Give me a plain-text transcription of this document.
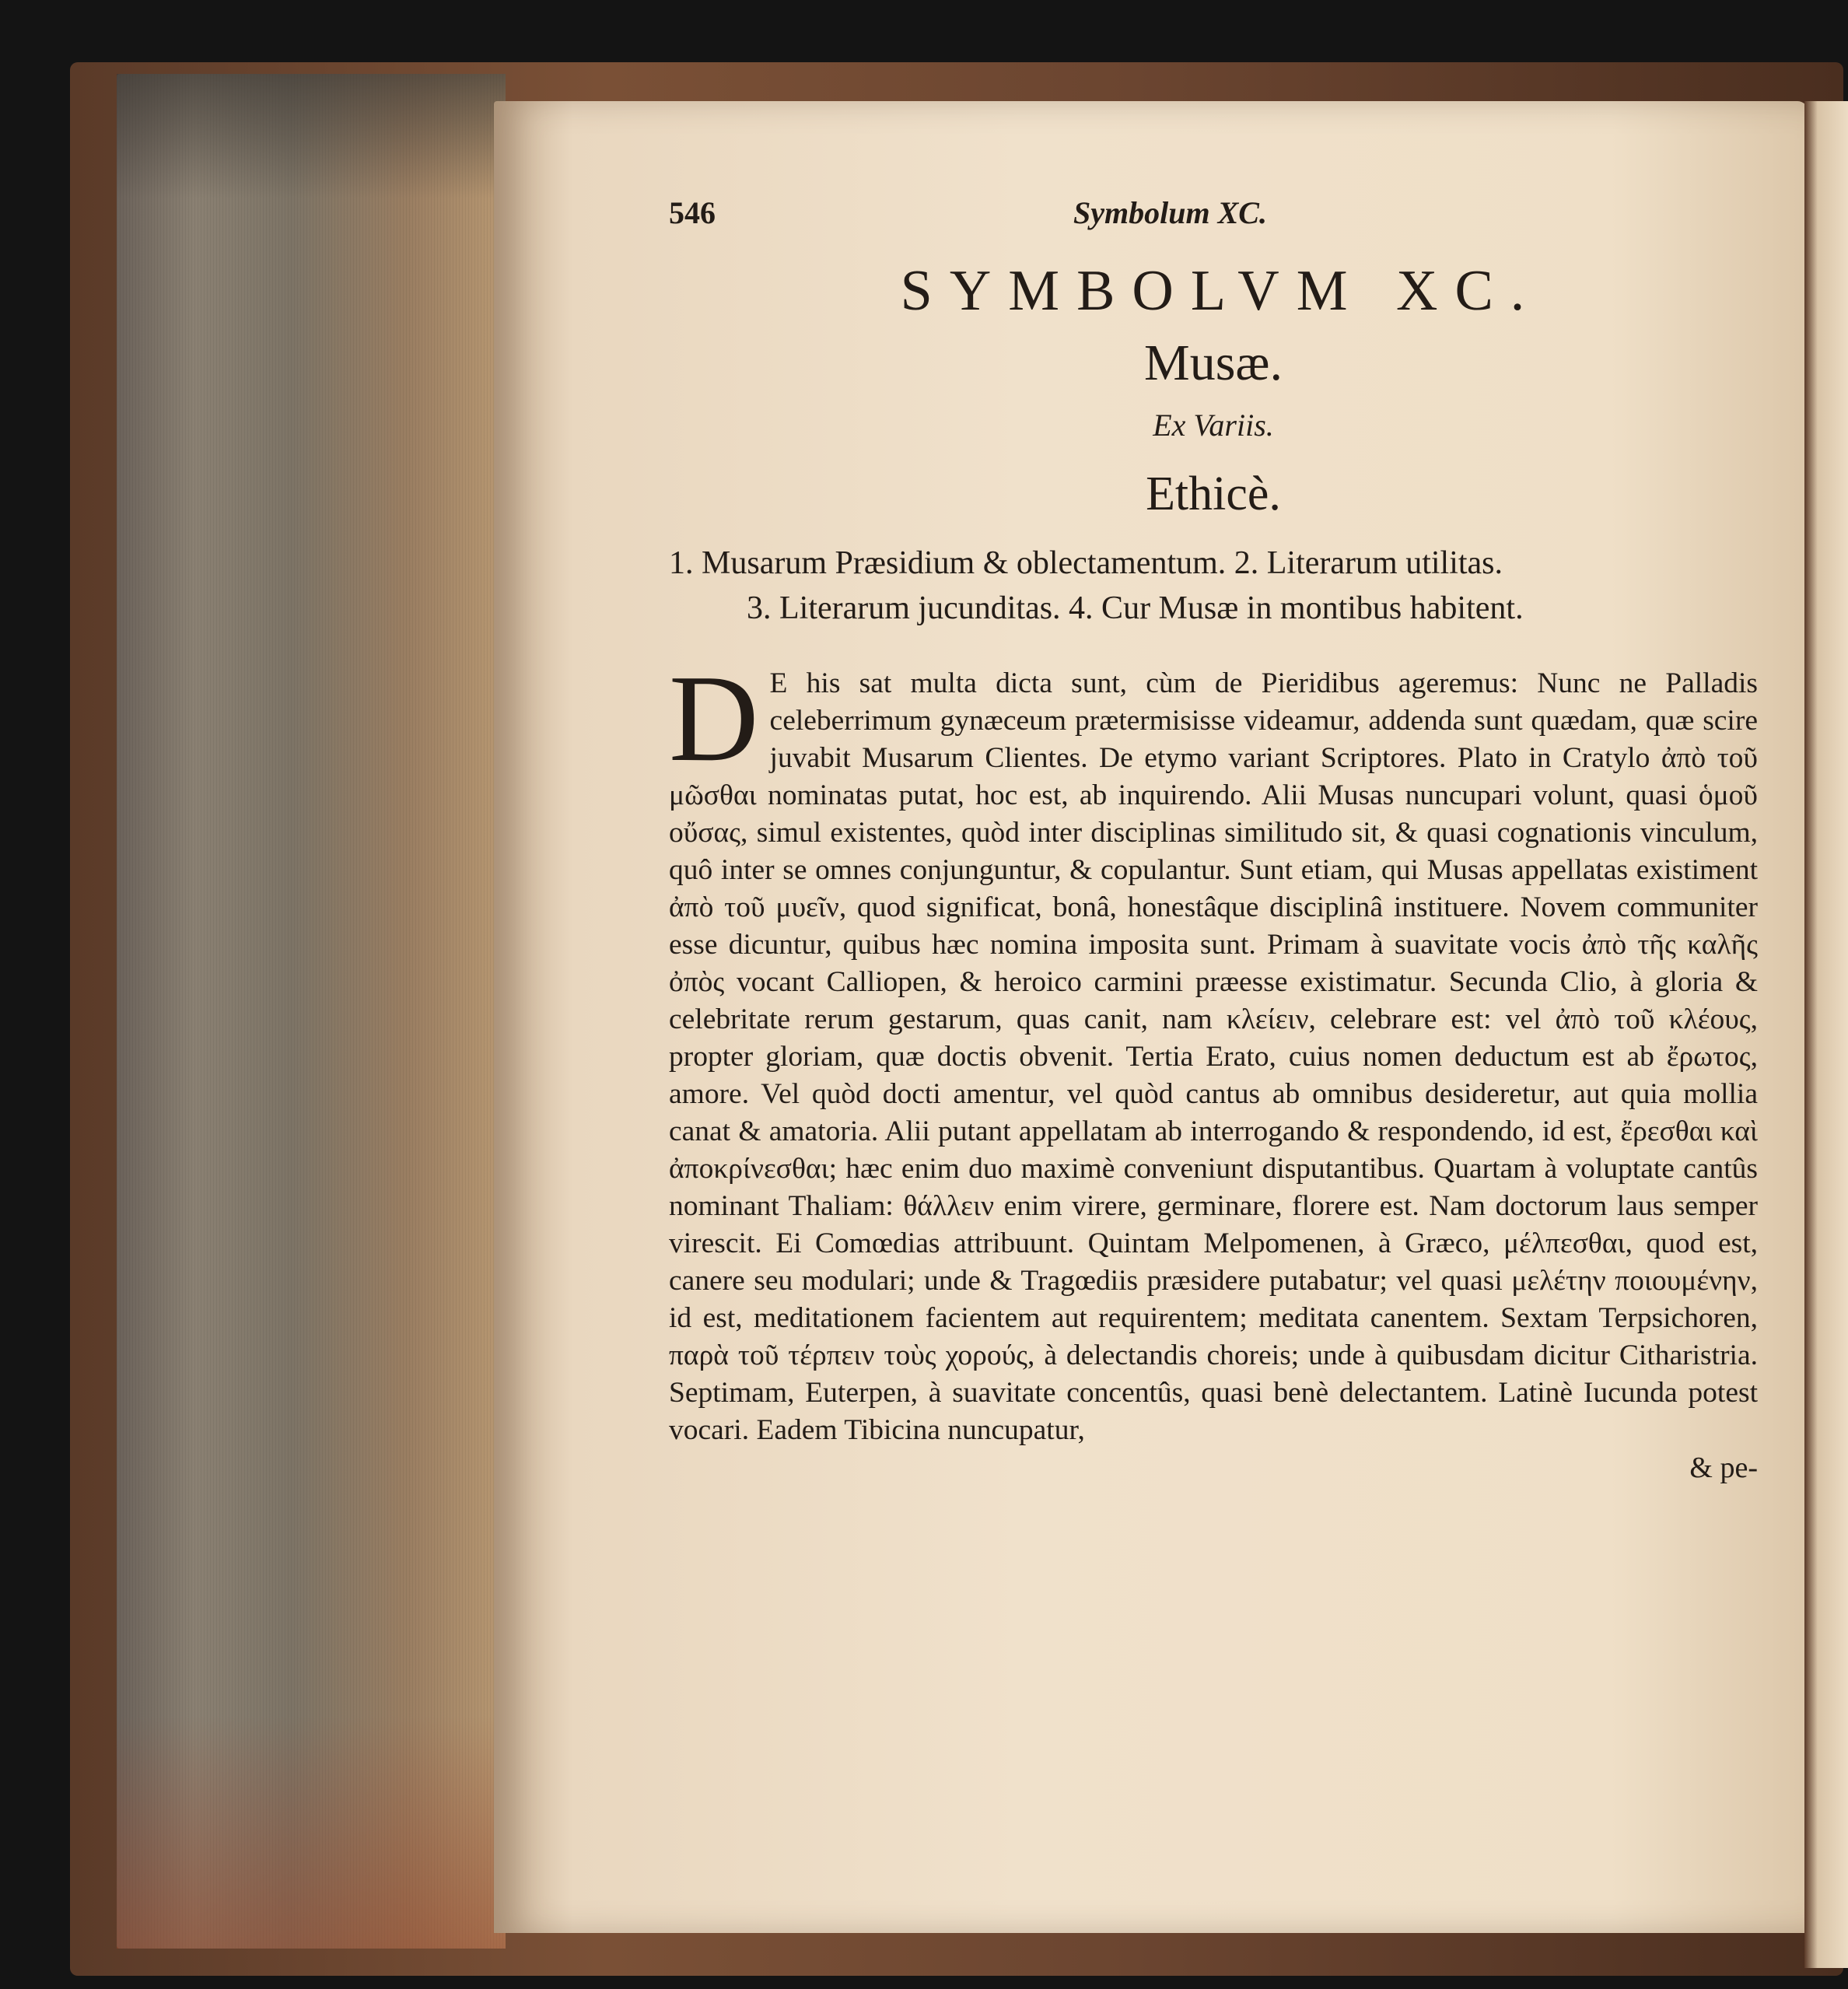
546	Symbolum XC.
SYMBOLVM XC.
Musæ.
Ex Variis.
Ethicè.
1. Musarum Præsidium & oblectamentum. 2. Literarum utilitas.
3. Literarum jucunditas. 4. Cur Musæ in montibus habitent.
D E his sat multa dicta sunt, cùm de Pieridibus ageremus: Nunc ne Palladis celeberrimum gynæceum prætermisisse videamur, addenda sunt quædam, quæ scire juvabit Musarum Clientes. De etymo variant Scriptores. Plato in Cratylo ἀπὸ τοῦ μῶσθαι nominatas putat, hoc est, ab inquirendo. Alii Musas nuncupari volunt, quasi ὁμοῦ οὔσας, simul existentes, quòd inter disciplinas similitudo sit, & quasi cognationis vinculum, quô inter se omnes conjunguntur, & copulantur. Sunt etiam, qui Musas appellatas existiment ἀπὸ τοῦ μυεῖν, quod significat, bonâ, honestâque disciplinâ instituere. Novem communiter esse dicuntur, quibus hæc nomina imposita sunt. Primam à suavitate vocis ἀπὸ τῆς καλῆς ὀπὸς vocant Calliopen, & heroico carmini præesse existimatur. Secunda Clio, à gloria & celebritate rerum gestarum, quas canit, nam κλείειν, celebrare est: vel ἀπὸ τοῦ κλέους, propter gloriam, quæ doctis obvenit. Tertia Erato, cuius nomen deductum est ab ἔρωτος, amore. Vel quòd docti amentur, vel quòd cantus ab omnibus desideretur, aut quia mollia canat & amatoria. Alii putant appellatam ab interrogando & respondendo, id est, ἔρεσθαι καὶ ἀποκρίνεσθαι; hæc enim duo maximè conveniunt disputantibus. Quartam à voluptate cantûs nominant Thaliam: θάλλειν enim virere, germinare, florere est. Nam doctorum laus semper virescit. Ei Comœdias attribuunt. Quintam Melpomenen, à Græco, μέλπεσθαι, quod est, canere seu modulari; unde & Tragœdiis præsidere putabatur; vel quasi μελέτην ποιουμένην, id est, meditationem facientem aut requirentem; meditata canentem. Sextam Terpsichoren, παρὰ τοῦ τέρπειν τοὺς χορούς, à delectandis choreis; unde à quibusdam dicitur Citharistria. Septimam, Euterpen, à suavitate concentûs, quasi benè delectantem. Latinè Iucunda potest vocari. Eadem Tibicina nuncupatur,
& pe-
